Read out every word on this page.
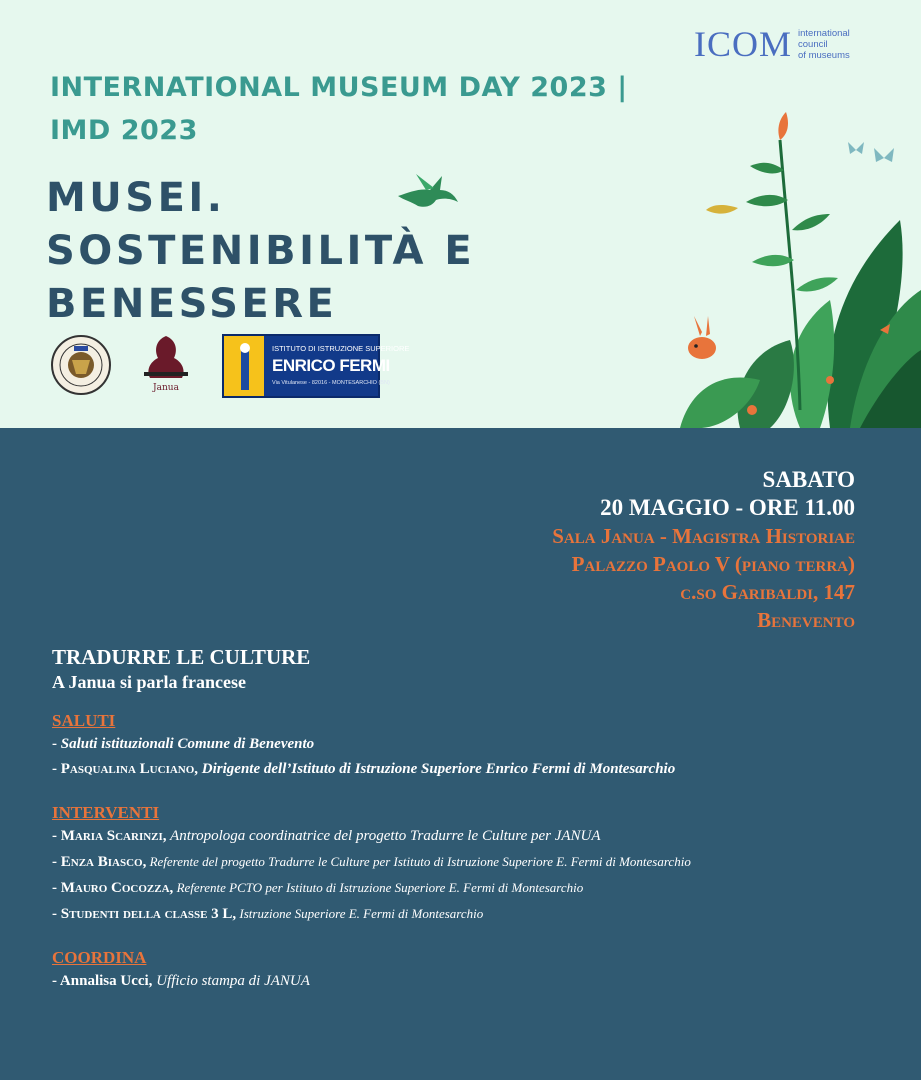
ICOM international
council
of museums
INTERNATIONAL MUSEUM DAY 2023 |
IMD 2023
MUSEI.
SOSTENIBILITÀ E
BENESSERE
Janua
ISTITUTO DI ISTRUZIONE SUPERIORE
ENRICO FERMI
Via Vitulanese - 82016 - MONTESARCHIO (BN)
SABATO
20 MAGGIO - ORE 11.00
Sala Janua - Magistra Historiae
Palazzo Paolo V (piano terra)
c.so Garibaldi, 147
Benevento
TRADURRE LE CULTURE
A Janua si parla francese
SALUTI
- Saluti istituzionali Comune di Benevento
- Pasqualina Luciano, Dirigente dell’Istituto di Istruzione Superiore Enrico Fermi di Montesarchio
INTERVENTI
- Maria Scarinzi, Antropologa coordinatrice del progetto Tradurre le Culture per JANUA
- Enza Biasco, Referente del progetto Tradurre le Culture per Istituto di Istruzione Superiore E. Fermi di Montesarchio
- Mauro Cocozza, Referente PCTO per Istituto di Istruzione Superiore E. Fermi di Montesarchio
- Studenti della classe 3 L, Istruzione Superiore E. Fermi di Montesarchio
COORDINA
- Annalisa Ucci, Ufficio stampa di JANUA
